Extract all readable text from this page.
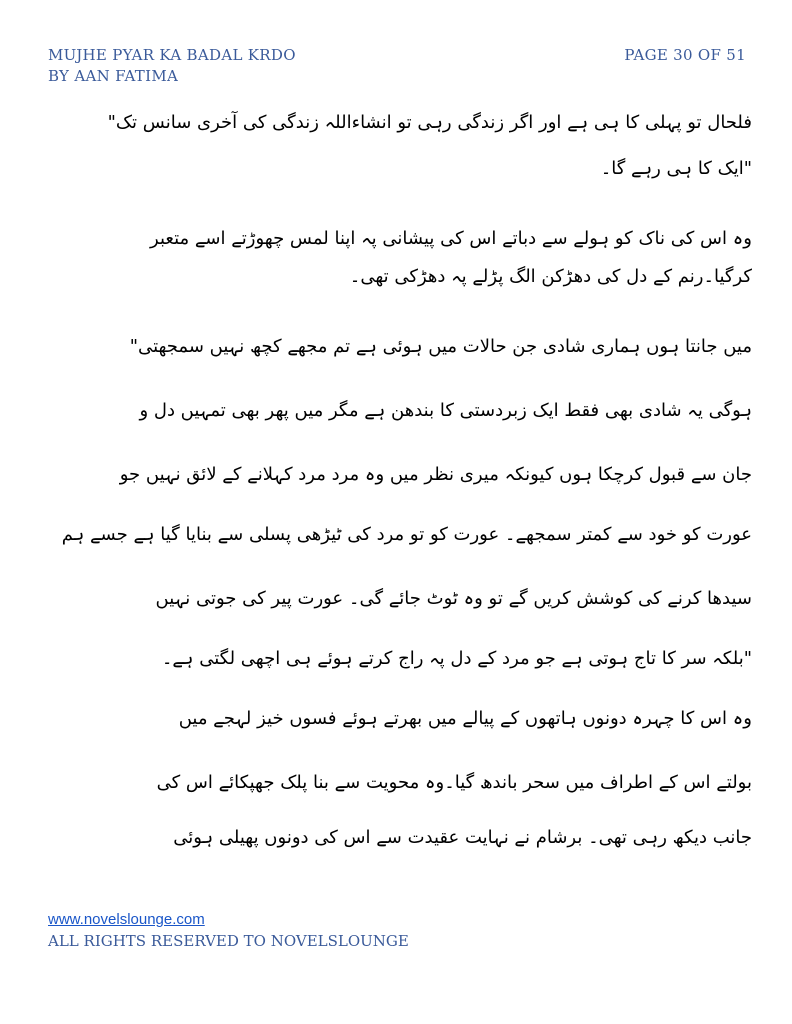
MUJHE PYAR KA BADAL KRDO
BY AAN FATIMA
PAGE 30 OF 51
فلحال تو پہلی کا ہی ہے اور اگر زندگی رہی تو انشاءاللہ زندگی کی آخری سانس تک"
"ایک کا ہی رہے گا۔
وہ اس کی ناک کو ہولے سے دباتے اس کی پیشانی پہ اپنا لمس چھوڑتے اسے متعبر
کرگیا۔رنم کے دل کی دھڑکن الگ پڑلے پہ دھڑکی تھی۔
میں جانتا ہوں ہماری شادی جن حالات میں ہوئی ہے تم مجھے کچھ نہیں سمجھتی"
ہوگی یہ شادی بھی فقط ایک زبردستی کا بندھن ہے مگر میں پھر بھی تمہیں دل و
جان سے قبول کرچکا ہوں کیونکہ میری نظر میں وہ مرد مرد کہلانے کے لائق نہیں جو
عورت کو خود سے کمتر سمجھے۔ عورت کو تو مرد کی ٹیڑھی پسلی سے بنایا گیا ہے جسے ہم
سیدھا کرنے کی کوشش کریں گے تو وہ ٹوٹ جائے گی۔ عورت پیر کی جوتی نہیں
"بلکہ سر کا تاج ہوتی ہے جو مرد کے دل پہ راج کرتے ہوئے ہی اچھی لگتی ہے۔
وہ اس کا چہرہ دونوں ہاتھوں کے پیالے میں بھرتے ہوئے فسوں خیز لہجے میں
بولتے اس کے اطراف میں سحر باندھ گیا۔وہ محویت سے بنا پلک جھپکائے اس کی
جانب دیکھ رہی تھی۔ برشام نے نہایت عقیدت سے اس کی دونوں پھیلی ہوئی
www.novelslounge.com
ALL RIGHTS RESERVED TO NOVELSLOUNGE
